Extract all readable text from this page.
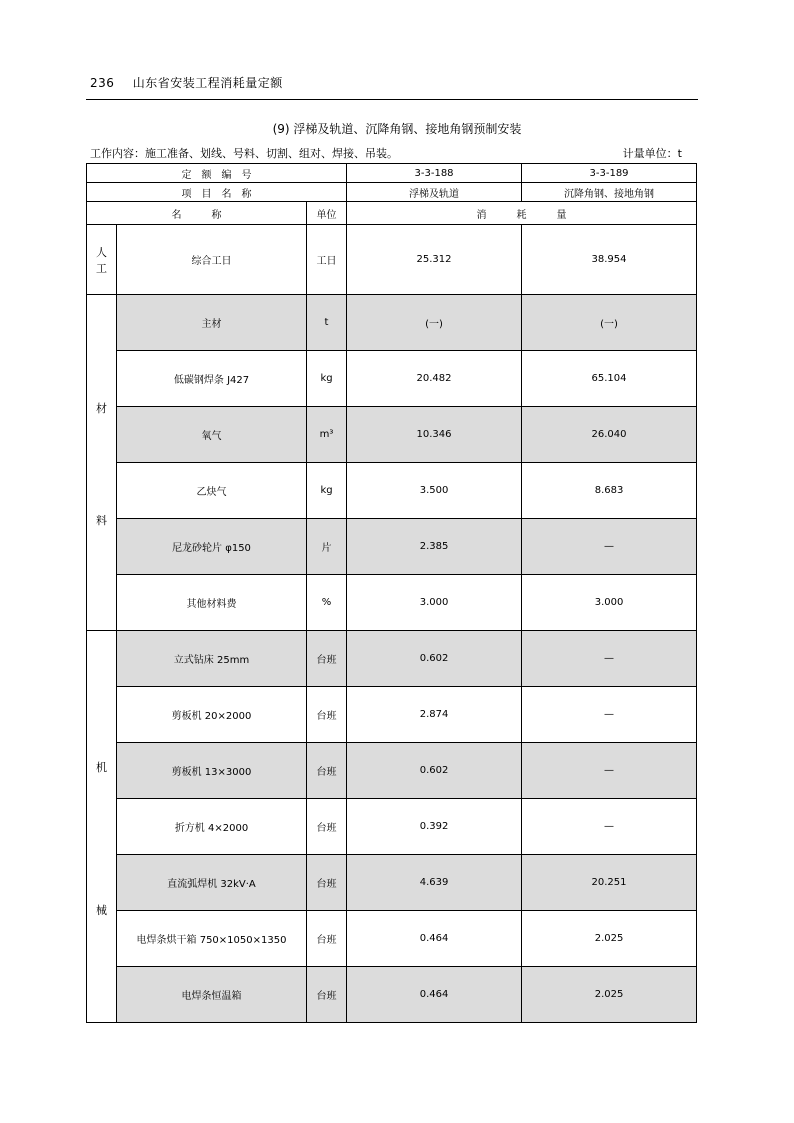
236 山东省安装工程消耗量定额
(9) 浮梯及轨道、沉降角钢、接地角钢预制安装
工作内容：施工准备、划线、号料、切割、组对、焊接、吊装。	计量单位：t
定　额　编　号			3-3-188	3-3-189
项　目　名　称			浮梯及轨道	沉降角钢、接地角钢
名　　　称		单位	消　　　耗　　　量	

人
工	综合工日	工日	25.312	38.954

材
料	主材	t	(一)	(一)
	低碳钢焊条 J427	kg	20.482	65.104
	氧气	m³	10.346	26.040
	乙炔气	kg	3.500	8.683
	尼龙砂轮片 φ150	片	2.385	—
	其他材料费	%	3.000	3.000

机
械	立式钻床 25mm	台班	0.602	—
	剪板机 20×2000	台班	2.874	—
	剪板机 13×3000	台班	0.602	—
	折方机 4×2000	台班	0.392	—
	直流弧焊机 32kV·A	台班	4.639	20.251
	电焊条烘干箱 750×1050×1350	台班	0.464	2.025
	电焊条恒温箱	台班	0.464	2.025
